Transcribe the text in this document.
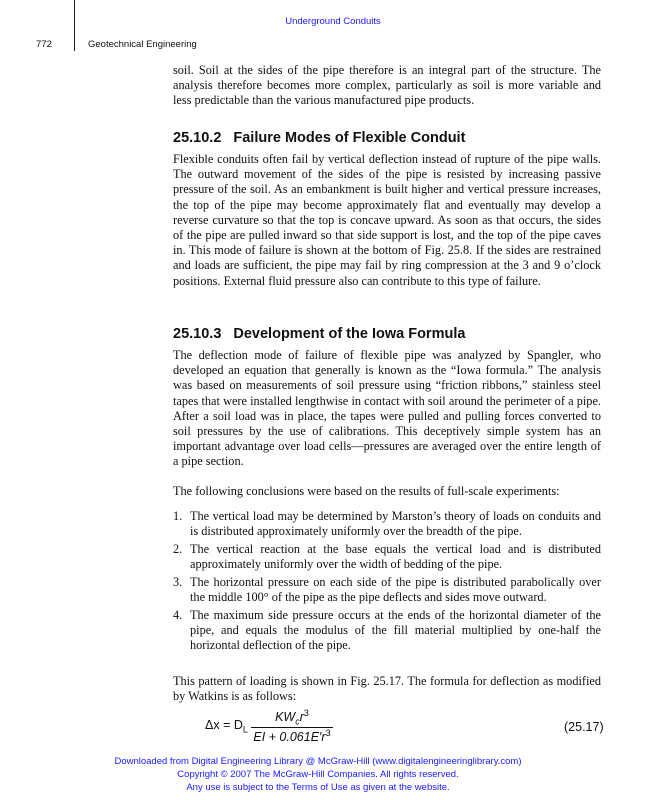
Underground Conduits
772	Geotechnical Engineering
soil. Soil at the sides of the pipe therefore is an integral part of the structure. The analysis therefore becomes more complex, particularly as soil is more variable and less predictable than the various manufactured pipe products.
25.10.2 Failure Modes of Flexible Conduit
Flexible conduits often fail by vertical deflection instead of rupture of the pipe walls. The outward movement of the sides of the pipe is resisted by increasing passive pressure of the soil. As an embankment is built higher and vertical pressure increases, the top of the pipe may become approximately flat and eventually may develop a reverse curvature so that the top is concave upward. As soon as that occurs, the sides of the pipe are pulled inward so that side support is lost, and the top of the pipe caves in. This mode of failure is shown at the bottom of Fig. 25.8. If the sides are restrained and loads are sufficient, the pipe may fail by ring compression at the 3 and 9 o’clock positions. External fluid pressure also can contribute to this type of failure.
25.10.3 Development of the Iowa Formula
The deflection mode of failure of flexible pipe was analyzed by Spangler, who developed an equation that generally is known as the “Iowa formula.” The analysis was based on measurements of soil pressure using “friction ribbons,” stainless steel tapes that were installed lengthwise in contact with soil around the perimeter of a pipe. After a soil load was in place, the tapes were pulled and pulling forces converted to soil pressures by the use of calibrations. This deceptively simple system has an important advantage over load cells—pressures are averaged over the entire length of a pipe section.
The following conclusions were based on the results of full-scale experiments:
1. The vertical load may be determined by Marston’s theory of loads on conduits and is distributed approximately uniformly over the breadth of the pipe.
2. The vertical reaction at the base equals the vertical load and is distributed approximately uniformly over the width of bedding of the pipe.
3. The horizontal pressure on each side of the pipe is distributed parabolically over the middle 100° of the pipe as the pipe deflects and sides move outward.
4. The maximum side pressure occurs at the ends of the horizontal diameter of the pipe, and equals the modulus of the fill material multiplied by one-half the horizontal deflection of the pipe.
This pattern of loading is shown in Fig. 25.17. The formula for deflection as modified by Watkins is as follows:
$\Delta x = D_L \frac{KW_cr^3}{EI + 0.061E'r^3}$	(25.17)
Downloaded from Digital Engineering Library @ McGraw-Hill (www.digitalengineeringlibrary.com)
Copyright © 2007 The McGraw-Hill Companies. All rights reserved.
Any use is subject to the Terms of Use as given at the website.
